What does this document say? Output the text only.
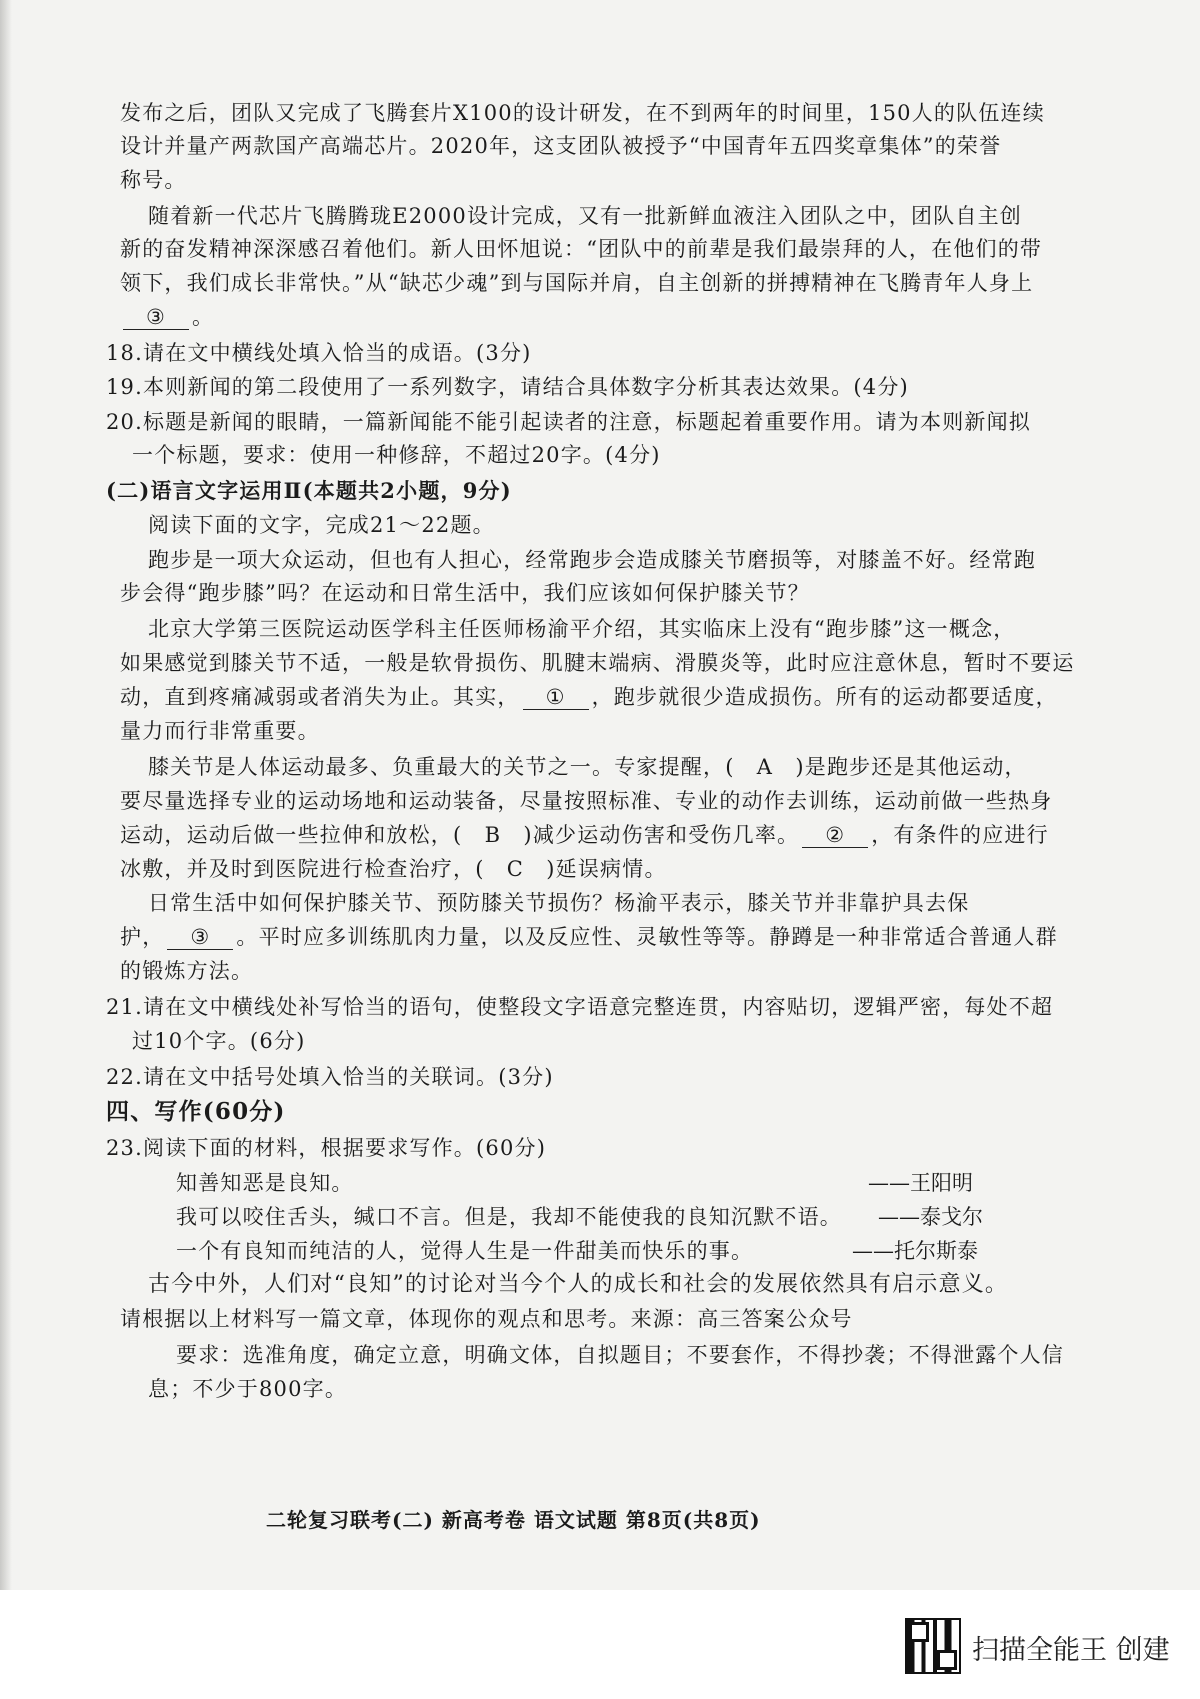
发布之后，团队又完成了飞腾套片X100的设计研发，在不到两年的时间里，150人的队伍连续
设计并量产两款国产高端芯片。2020年，这支团队被授予“中国青年五四奖章集体”的荣誉
称号。
随着新一代芯片飞腾腾珑E2000设计完成，又有一批新鲜血液注入团队之中，团队自主创
新的奋发精神深深感召着他们。新人田怀旭说：“团队中的前辈是我们最崇拜的人，在他们的带
领下，我们成长非常快。”从“缺芯少魂”到与国际并肩，自主创新的拼搏精神在飞腾青年人身上
③ 。
18.请在文中横线处填入恰当的成语。(3分)
19.本则新闻的第二段使用了一系列数字，请结合具体数字分析其表达效果。(4分)
20.标题是新闻的眼睛，一篇新闻能不能引起读者的注意，标题起着重要作用。请为本则新闻拟
一个标题，要求：使用一种修辞，不超过20字。(4分)
(二)语言文字运用Ⅱ(本题共2小题，9分)
阅读下面的文字，完成21～22题。
跑步是一项大众运动，但也有人担心，经常跑步会造成膝关节磨损等，对膝盖不好。经常跑
步会得“跑步膝”吗？在运动和日常生活中，我们应该如何保护膝关节？
北京大学第三医院运动医学科主任医师杨渝平介绍，其实临床上没有“跑步膝”这一概念，
如果感觉到膝关节不适，一般是软骨损伤、肌腱末端病、滑膜炎等，此时应注意休息，暂时不要运
动，直到疼痛减弱或者消失为止。其实， ① ，跑步就很少造成损伤。所有的运动都要适度，
量力而行非常重要。
膝关节是人体运动最多、负重最大的关节之一。专家提醒，(　A　)是跑步还是其他运动，
要尽量选择专业的运动场地和运动装备，尽量按照标准、专业的动作去训练，运动前做一些热身
运动，运动后做一些拉伸和放松，(　B　)减少运动伤害和受伤几率。 ② ，有条件的应进行
冰敷，并及时到医院进行检查治疗，(　C　)延误病情。
日常生活中如何保护膝关节、预防膝关节损伤？杨渝平表示，膝关节并非靠护具去保
护， ③ 。平时应多训练肌肉力量，以及反应性、灵敏性等等。静蹲是一种非常适合普通人群
的锻炼方法。
21.请在文中横线处补写恰当的语句，使整段文字语意完整连贯，内容贴切，逻辑严密，每处不超
过10个字。(6分)
22.请在文中括号处填入恰当的关联词。(3分)
四、写作(60分)
23.阅读下面的材料，根据要求写作。(60分)
知善知恶是良知。	——王阳明
我可以咬住舌头，缄口不言。但是，我却不能使我的良知沉默不语。 ——泰戈尔
一个有良知而纯洁的人，觉得人生是一件甜美而快乐的事。	——托尔斯泰
古今中外，人们对“良知”的讨论对当今个人的成长和社会的发展依然具有启示意义。
请根据以上材料写一篇文章，体现你的观点和思考。来源：高三答案公众号
要求：选准角度，确定立意，明确文体，自拟题目；不要套作，不得抄袭；不得泄露个人信
息；不少于800字。
二轮复习联考(二) 新高考卷 语文试题 第8页(共8页)
扫描全能王 创建
